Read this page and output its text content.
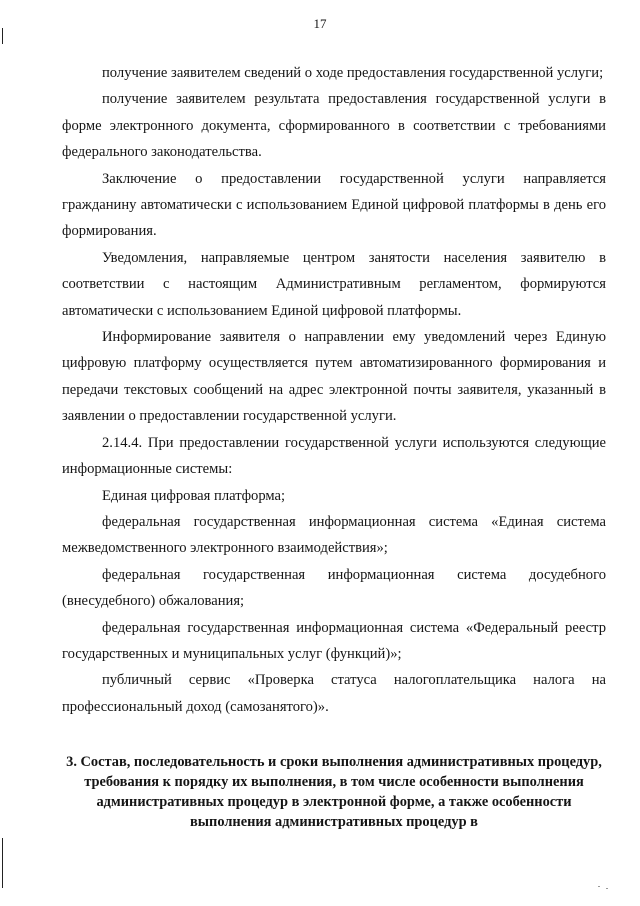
17

получение заявителем сведений о ходе предоставления государственной услуги;

получение заявителем результата предоставления государственной услуги в форме электронного документа, сформированного в соответствии с требованиями федерального законодательства.

Заключение о предоставлении государственной услуги направляется гражданину автоматически с использованием Единой цифровой платформы в день его формирования.

Уведомления, направляемые центром занятости населения заявителю в соответствии с настоящим Административным регламентом, формируются автоматически с использованием Единой цифровой платформы.

Информирование заявителя о направлении ему уведомлений через Единую цифровую платформу осуществляется путем автоматизированного формирования и передачи текстовых сообщений на адрес электронной почты заявителя, указанный в заявлении о предоставлении государственной услуги.

2.14.4. При предоставлении государственной услуги используются следующие информационные системы:

Единая цифровая платформа;

федеральная государственная информационная система «Единая система межведомственного электронного взаимодействия»;

федеральная государственная информационная система досудебного (внесудебного) обжалования;

федеральная государственная информационная система «Федеральный реестр государственных и муниципальных услуг (функций)»;

публичный сервис «Проверка статуса налогоплательщика налога на профессиональный доход (самозанятого)».

3. Состав, последовательность и сроки выполнения административных процедур, требования к порядку их выполнения, в том числе особенности выполнения административных процедур в электронной форме, а также особенности выполнения административных процедур в
